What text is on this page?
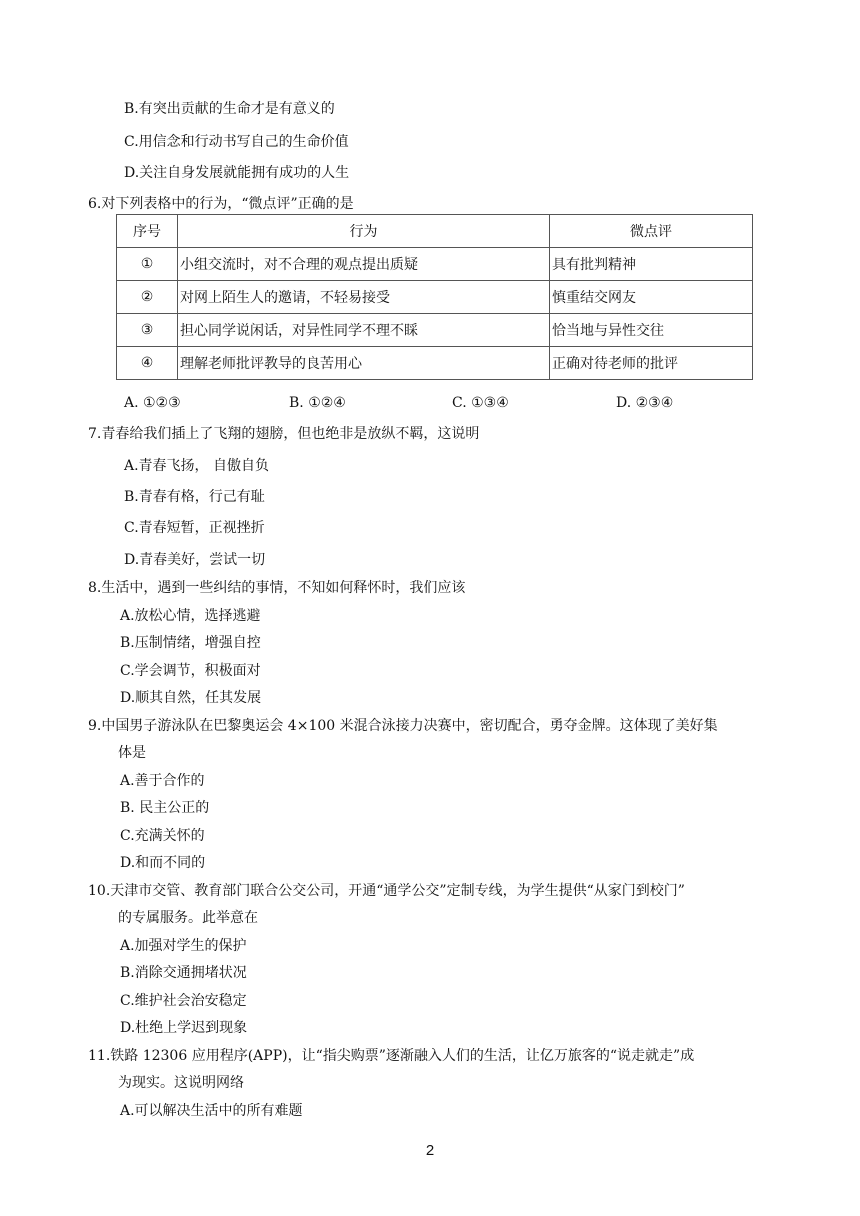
B.有突出贡献的生命才是有意义的
C.用信念和行动书写自己的生命价值
D.关注自身发展就能拥有成功的人生
6.对下列表格中的行为，“微点评”正确的是
序号	行为	微点评
①	小组交流时，对不合理的观点提出质疑	具有批判精神
②	对网上陌生人的邀请，不轻易接受	慎重结交网友
③	担心同学说闲话，对异性同学不理不睬	恰当地与异性交往
④	理解老师批评教导的良苦用心	正确对待老师的批评
A. ①②③	B. ①②④	C. ①③④	D. ②③④
7.青春给我们插上了飞翔的翅膀，但也绝非是放纵不羁，这说明
A.青春飞扬， 自傲自负
B.青春有格，行己有耻
C.青春短暂，正视挫折
D.青春美好，尝试一切
8.生活中，遇到一些纠结的事情，不知如何释怀时，我们应该
A.放松心情，选择逃避
B.压制情绪，增强自控
C.学会调节，积极面对
D.顺其自然，任其发展
9.中国男子游泳队在巴黎奥运会 4×100 米混合泳接力决赛中，密切配合，勇夺金牌。这体现了美好集
体是
A.善于合作的
B. 民主公正的
C.充满关怀的
D.和而不同的
10.天津市交管、教育部门联合公交公司，开通“通学公交”定制专线，为学生提供“从家门到校门”
的专属服务。此举意在
A.加强对学生的保护
B.消除交通拥堵状况
C.维护社会治安稳定
D.杜绝上学迟到现象
11.铁路 12306 应用程序(APP)，让“指尖购票”逐渐融入人们的生活，让亿万旅客的“说走就走”成
为现实。这说明网络
A.可以解决生活中的所有难题
2
